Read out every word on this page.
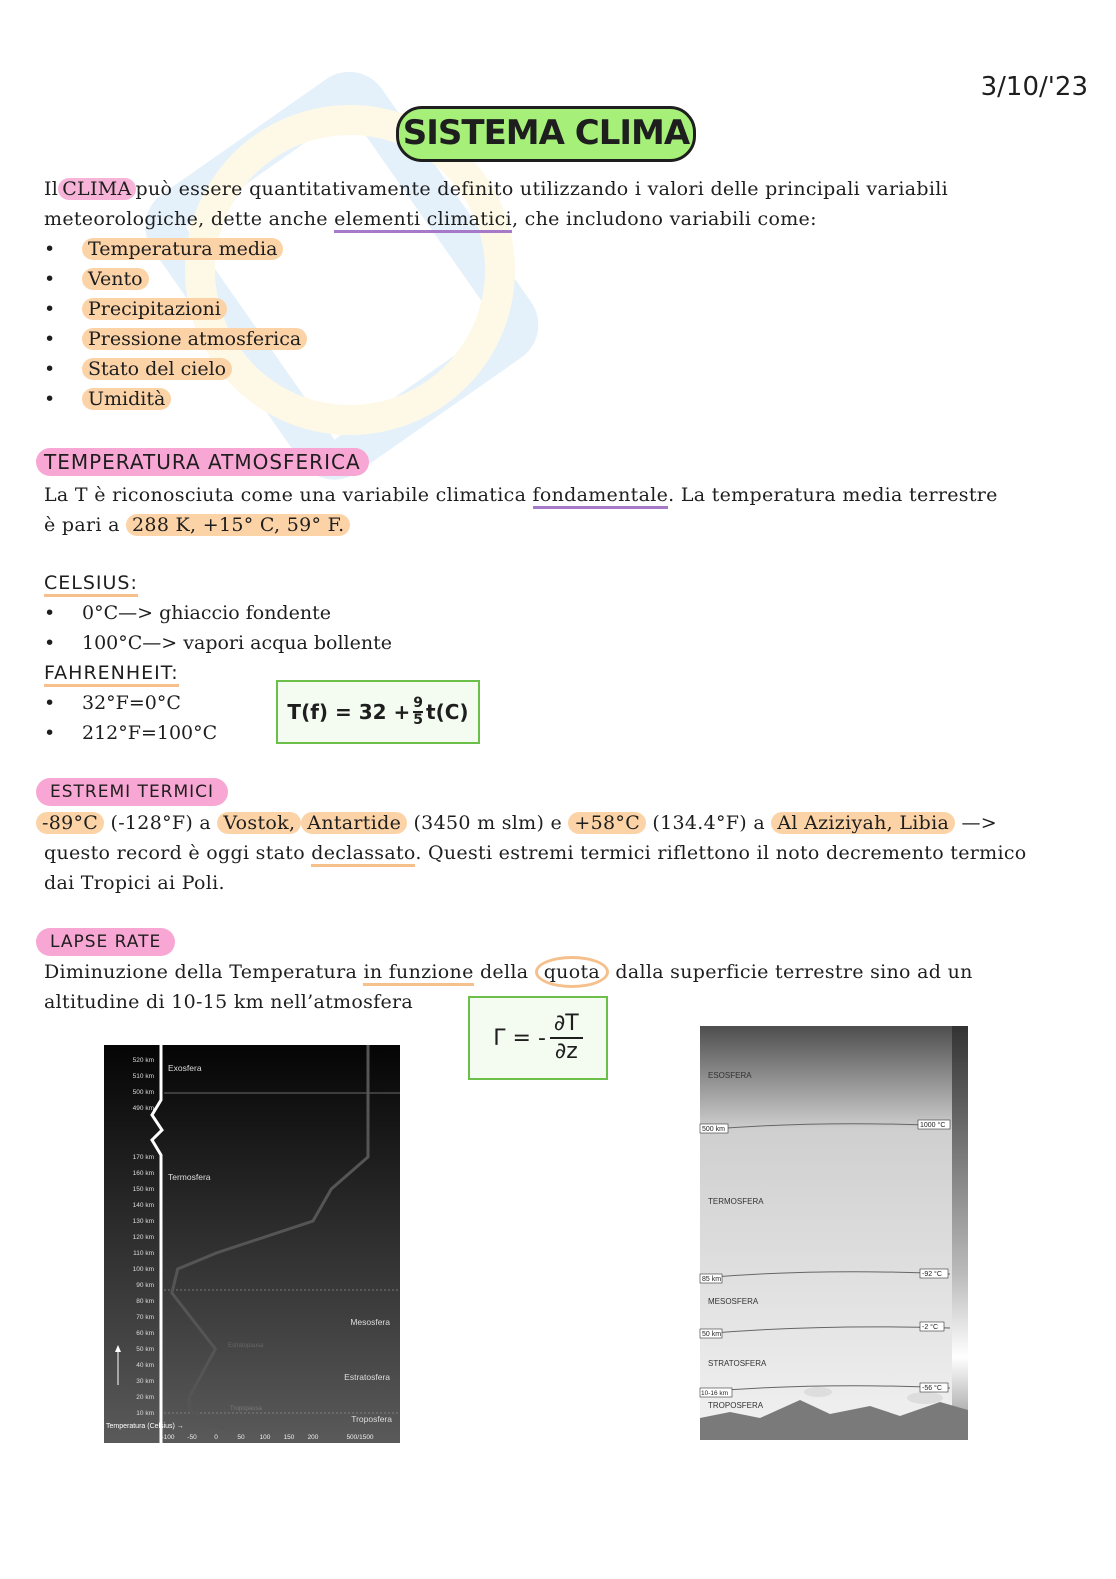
3/10/'23
SISTEMA CLIMA
Il CLIMA può essere quantitativamente definito utilizzando i valori delle principali variabili
meteorologiche, dette anche elementi climatici, che includono variabili come:
• Temperatura media
• Vento
• Precipitazioni
• Pressione atmosferica
• Stato del cielo
• Umidità
TEMPERATURA ATMOSFERICA
La T è riconosciuta come una variabile climatica fondamentale. La temperatura media terrestre
è pari a 288 K, +15° C, 59° F.
CELSIUS:
• 0°C—> ghiaccio fondente
• 100°C—> vapori acqua bollente
FAHRENHEIT:
• 32°F=0°C
• 212°F=100°C
$T(f) = 32 + \frac{9}{5} t(C)$
ESTREMI TERMICI
-89°C (-128°F) a Vostok, Antartide (3450 m slm) e +58°C (134.4°F) a Al Aziziyah, Libia —>
questo record è oggi stato declassato. Questi estremi termici riflettono il noto decremento termico
dai Tropici ai Poli.
LAPSE RATE
Diminuzione della Temperatura in funzione della quota dalla superficie terrestre sino ad un
altitudine di 10-15 km nell’atmosfera
Γ = -
∂T
∂z
520 km
510 km
500 km
490 km
170 km
160 km
150 km
140 km
130 km
120 km
110 km
100 km
90 km
80 km
70 km
60 km
50 km
40 km
30 km
20 km
10 km
Exosfera
Termosfera
Mesosfera
Estratosfera
Troposfera
Estratopausa
Tropopausa
-100 -50	0	50 100 150 200	500/1500
Altitudine
Temperatura (Celsius) →
ESOSFERA
TERMOSFERA
MESOSFERA
STRATOSFERA
TROPOSFERA
500 km
85 km
50 km
10-16 km
1000 °C
-92 °C
-2 °C
-56 °C
